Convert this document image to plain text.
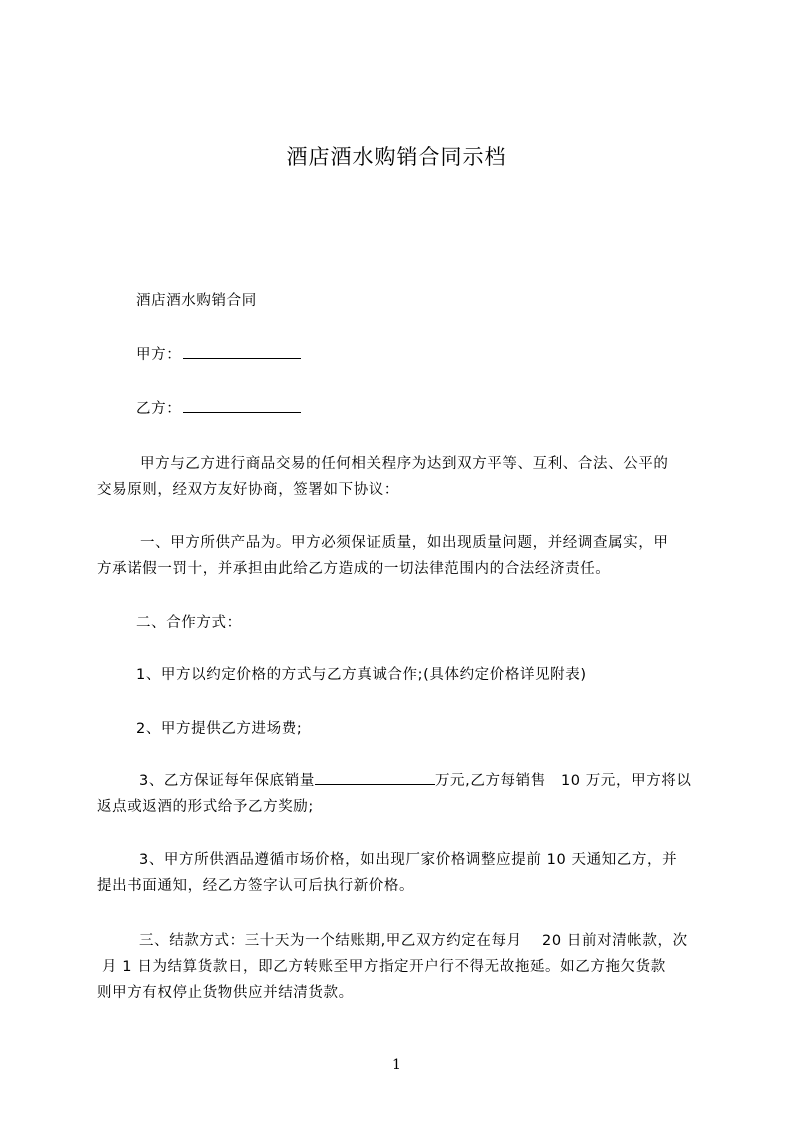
酒店酒水购销合同示档
酒店酒水购销合同
甲方：
乙方：
甲方与乙方进行商品交易的任何相关程序为达到双方平等、互利、合法、公平的
交易原则，经双方友好协商，签署如下协议：
一、甲方所供产品为。甲方必须保证质量，如出现质量问题，并经调查属实，甲
方承诺假一罚十，并承担由此给乙方造成的一切法律范围内的合法经济责任。
二、合作方式：
1、甲方以约定价格的方式与乙方真诚合作;(具体约定价格详见附表)
2、甲方提供乙方进场费;
3、乙方保证每年保底销量	万元,乙方每销售　10 万元，甲方将以
返点或返酒的形式给予乙方奖励;
3、甲方所供酒品遵循市场价格，如出现厂家价格调整应提前 10 天通知乙方，并
提出书面通知，经乙方签字认可后执行新价格。
三、结款方式：三十天为一个结账期,甲乙双方约定在每月　 20 日前对清帐款，次
月 1 日为结算货款日，即乙方转账至甲方指定开户行不得无故拖延。如乙方拖欠货款
则甲方有权停止货物供应并结清货款。
1
